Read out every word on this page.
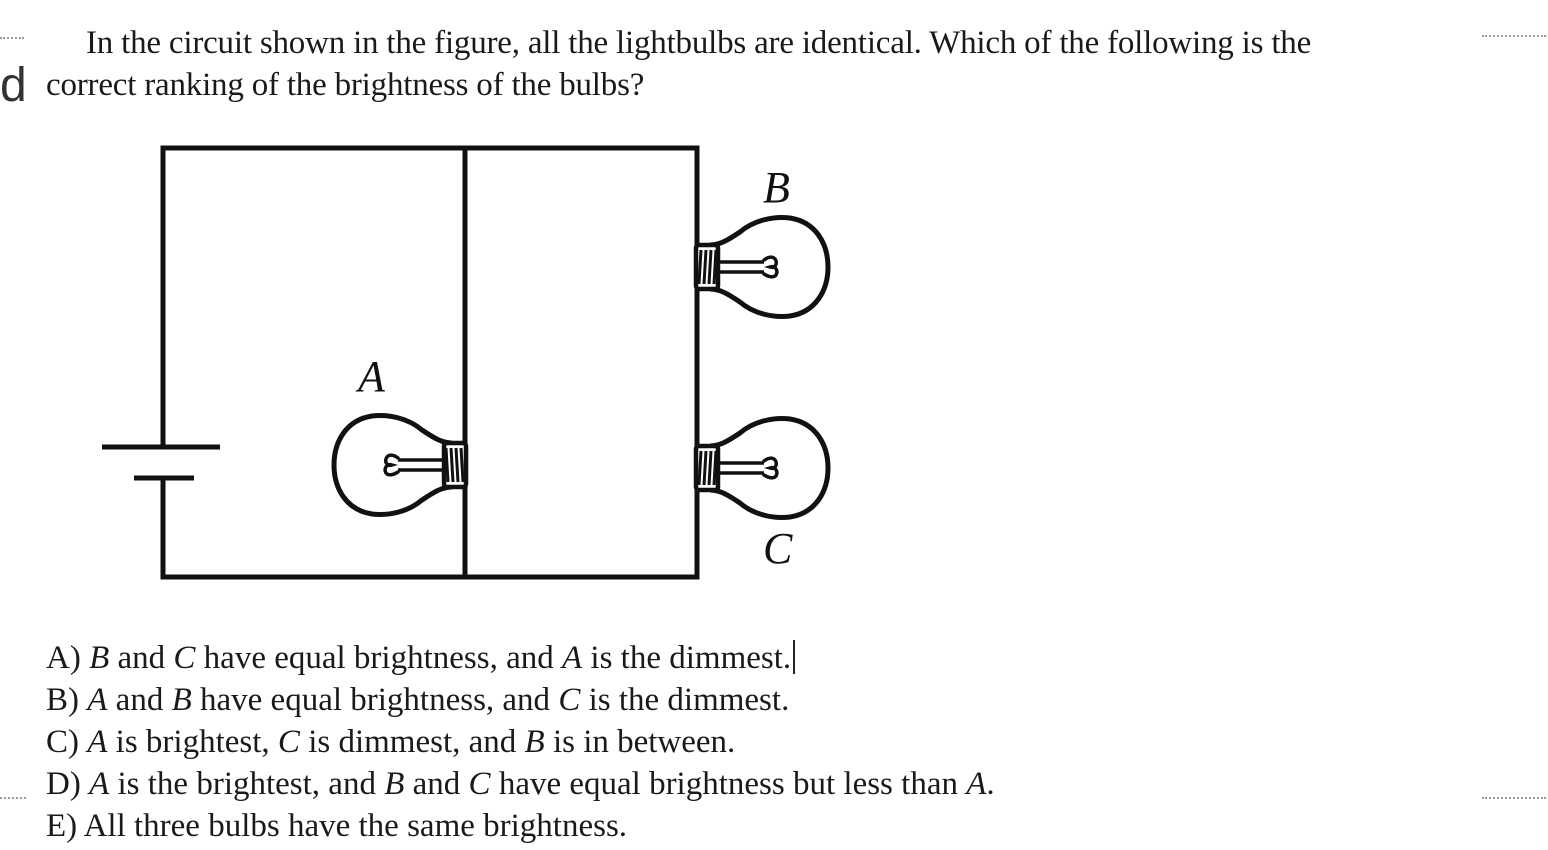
d
In the circuit shown in the figure, all the lightbulbs are identical. Which of the following is the
correct ranking of the brightness of the bulbs?
A
B
C
A) B and C have equal brightness, and A is the dimmest.
B) A and B have equal brightness, and C is the dimmest.
C) A is brightest, C is dimmest, and B is in between.
D) A is the brightest, and B and C have equal brightness but less than A.
E) All three bulbs have the same brightness.
